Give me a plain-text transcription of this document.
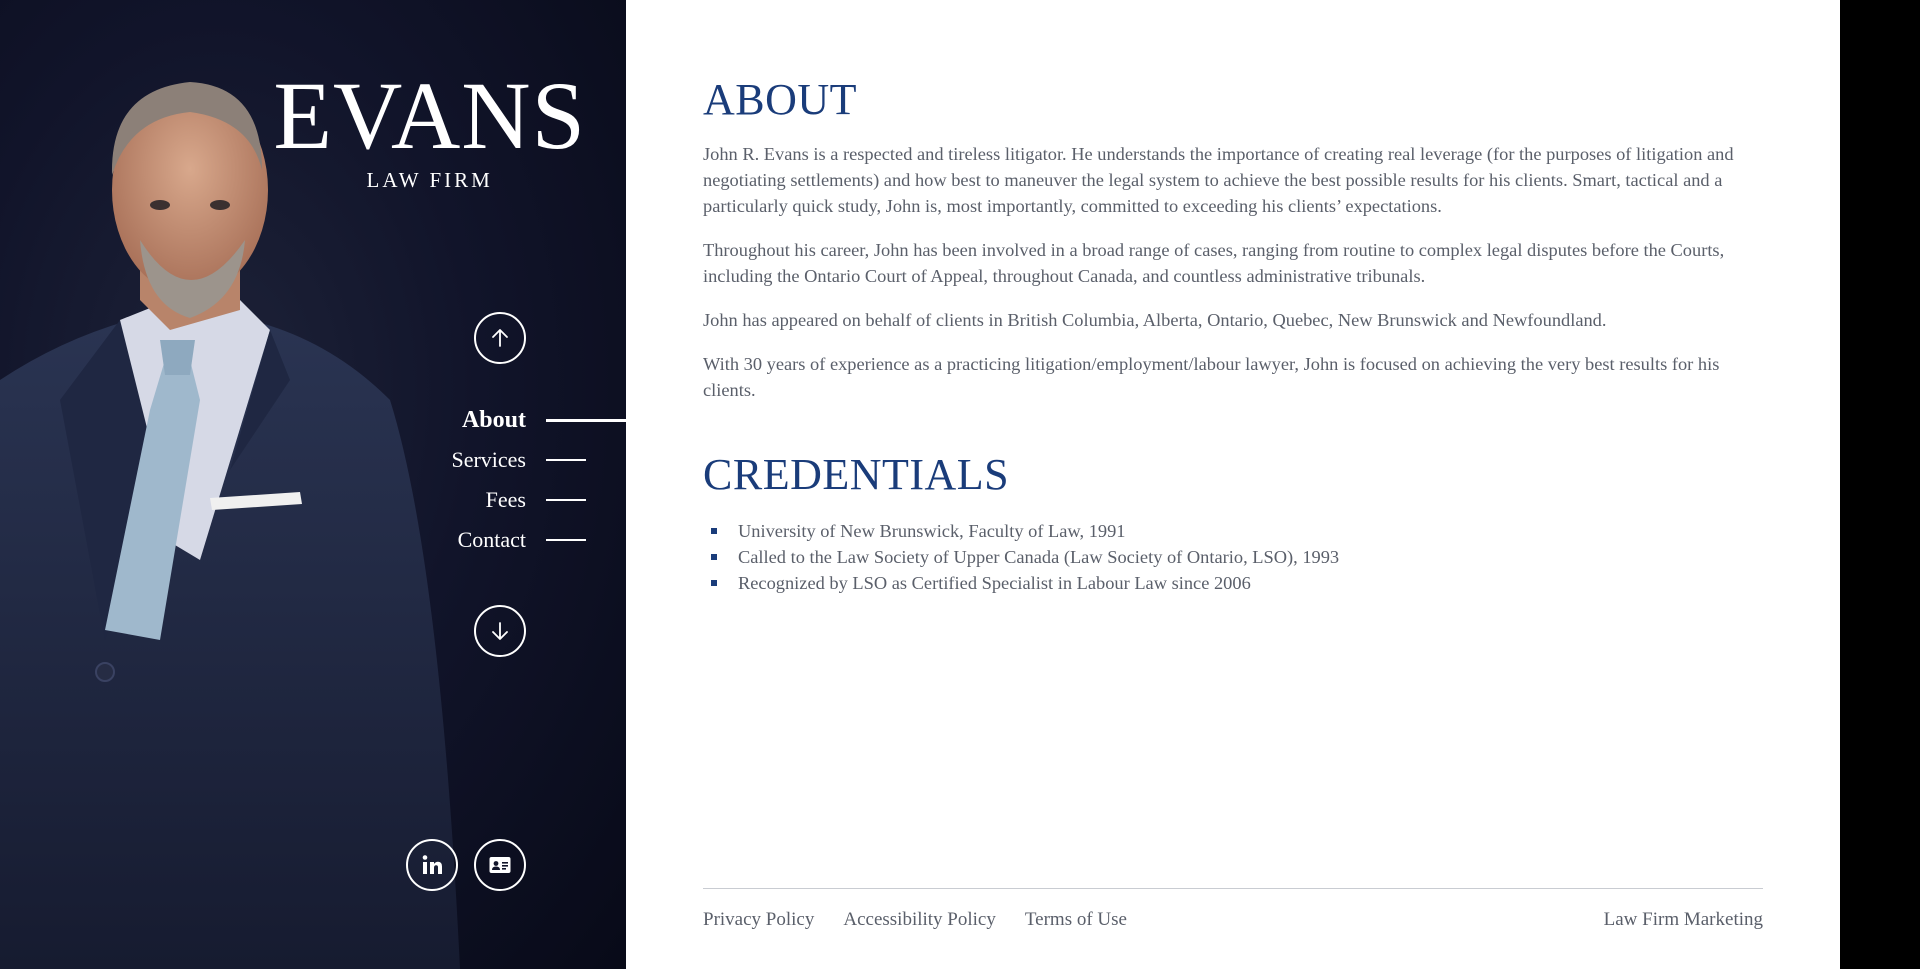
EVANS
LAW FIRM
About
Services
Fees
Contact
ABOUT

John R. Evans is a respected and tireless litigator. He understands the importance of creating real leverage (for the purposes of litigation and negotiating settlements) and how best to maneuver the legal system to achieve the best possible results for his clients. Smart, tactical and a particularly quick study, John is, most importantly, committed to exceeding his clients’ expectations.

Throughout his career, John has been involved in a broad range of cases, ranging from routine to complex legal disputes before the Courts, including the Ontario Court of Appeal, throughout Canada, and countless administrative tribunals.

John has appeared on behalf of clients in British Columbia, Alberta, Ontario, Quebec, New Brunswick and Newfoundland.

With 30 years of experience as a practicing litigation/employment/labour lawyer, John is focused on achieving the very best results for his clients.

CREDENTIALS
University of New Brunswick, Faculty of Law, 1991
Called to the Law Society of Upper Canada (Law Society of Ontario, LSO), 1993
Recognized by LSO as Certified Specialist in Labour Law since 2006
Privacy Policy Accessibility Policy Terms of Use	Law Firm Marketing
